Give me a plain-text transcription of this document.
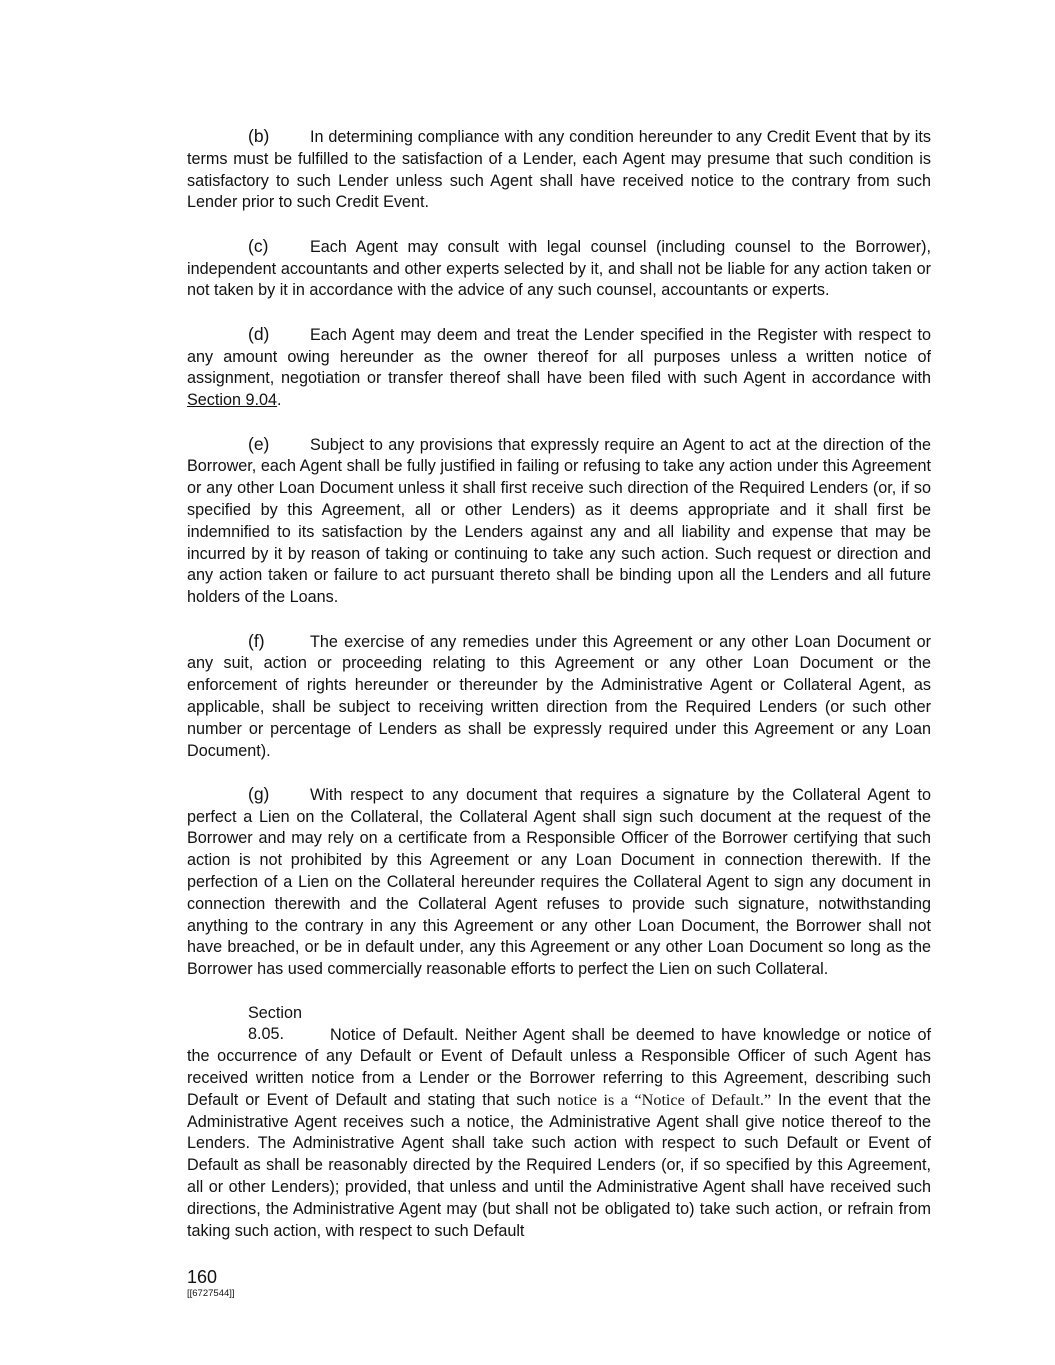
(b)	In determining compliance with any condition hereunder to any Credit Event that by its terms must be fulfilled to the satisfaction of a Lender, each Agent may presume that such condition is satisfactory to such Lender unless such Agent shall have received notice to the contrary from such Lender prior to such Credit Event.

(c)	Each Agent may consult with legal counsel (including counsel to the Borrower), independent accountants and other experts selected by it, and shall not be liable for any action taken or not taken by it in accordance with the advice of any such counsel, accountants or experts.

(d)	Each Agent may deem and treat the Lender specified in the Register with respect to any amount owing hereunder as the owner thereof for all purposes unless a written notice of assignment, negotiation or transfer thereof shall have been filed with such Agent in accordance with Section 9.04.

(e)	Subject to any provisions that expressly require an Agent to act at the direction of the Borrower, each Agent shall be fully justified in failing or refusing to take any action under this Agreement or any other Loan Document unless it shall first receive such direction of the Required Lenders (or, if so specified by this Agreement, all or other Lenders) as it deems appropriate and it shall first be indemnified to its satisfaction by the Lenders against any and all liability and expense that may be incurred by it by reason of taking or continuing to take any such action. Such request or direction and any action taken or failure to act pursuant thereto shall be binding upon all the Lenders and all future holders of the Loans.

(f)	The exercise of any remedies under this Agreement or any other Loan Document or any suit, action or proceeding relating to this Agreement or any other Loan Document or the enforcement of rights hereunder or thereunder by the Administrative Agent or Collateral Agent, as applicable, shall be subject to receiving written direction from the Required Lenders (or such other number or percentage of Lenders as shall be expressly required under this Agreement or any Loan Document).

(g)	With respect to any document that requires a signature by the Collateral Agent to perfect a Lien on the Collateral, the Collateral Agent shall sign such document at the request of the Borrower and may rely on a certificate from a Responsible Officer of the Borrower certifying that such action is not prohibited by this Agreement or any Loan Document in connection therewith. If the perfection of a Lien on the Collateral hereunder requires the Collateral Agent to sign any document in connection therewith and the Collateral Agent refuses to provide such signature, notwithstanding anything to the contrary in any this Agreement or any other Loan Document, the Borrower shall not have breached, or be in default under, any this Agreement or any other Loan Document so long as the Borrower has used commercially reasonable efforts to perfect the Lien on such Collateral.

Section 8.05.	Notice of Default. Neither Agent shall be deemed to have knowledge or notice of the occurrence of any Default or Event of Default unless a Responsible Officer of such Agent has received written notice from a Lender or the Borrower referring to this Agreement, describing such Default or Event of Default and stating that such notice is a “Notice of Default.” In the event that the Administrative Agent receives such a notice, the Administrative Agent shall give notice thereof to the Lenders. The Administrative Agent shall take such action with respect to such Default or Event of Default as shall be reasonably directed by the Required Lenders (or, if so specified by this Agreement, all or other Lenders); provided, that unless and until the Administrative Agent shall have received such directions, the Administrative Agent may (but shall not be obligated to) take such action, or refrain from taking such action, with respect to such Default

160
[[6727544]]
